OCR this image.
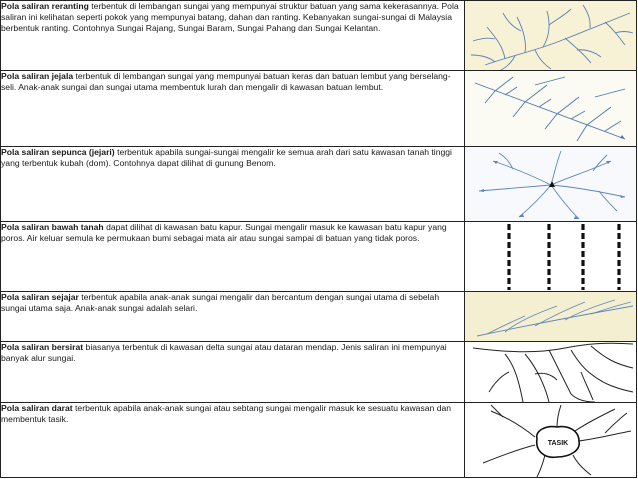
Pola saliran reranting terbentuk di lembangan sungai yang mempunyai struktur batuan yang sama kekerasannya. Pola saliran ini kelihatan seperti pokok yang mempunyai batang, dahan dan ranting. Kebanyakan sungai-sungai di Malaysia berbentuk ranting. Contohnya Sungai Rajang, Sungai Baram, Sungai Pahang dan Sungai Kelantan.

Pola saliran jejala terbentuk di lembangan sungai yang mempunyai batuan keras dan batuan lembut yang berselang-seli. Anak-anak sungai dan sungai utama membentuk lurah dan mengalir di kawasan batuan lembut.

Pola saliran sepunca (jejari) terbentuk apabila sungai-sungai mengalir ke semua arah dari satu kawasan tanah tinggi yang terbentuk kubah (dom). Contohnya dapat dilihat di gunung Benom.

Pola saliran bawah tanah dapat dilihat di kawasan batu kapur. Sungai mengalir masuk ke kawasan batu kapur yang poros. Air keluar semula ke permukaan bumi sebagai mata air atau sungai sampai di batuan yang tidak poros.

Pola saliran sejajar terbentuk apabila anak-anak sungai mengalir dan bercantum dengan sungai utama di sebelah sungai utama saja. Anak-anak sungai adalah selari.

Pola saliran bersirat biasanya terbentuk di kawasan delta sungai atau dataran mendap. Jenis saliran ini mempunyai banyak alur sungai.

Pola saliran darat terbentuk apabila anak-anak sungai atau sebtang sungai mengalir masuk ke sesuatu kawasan dan membentuk tasik.	TASIK
